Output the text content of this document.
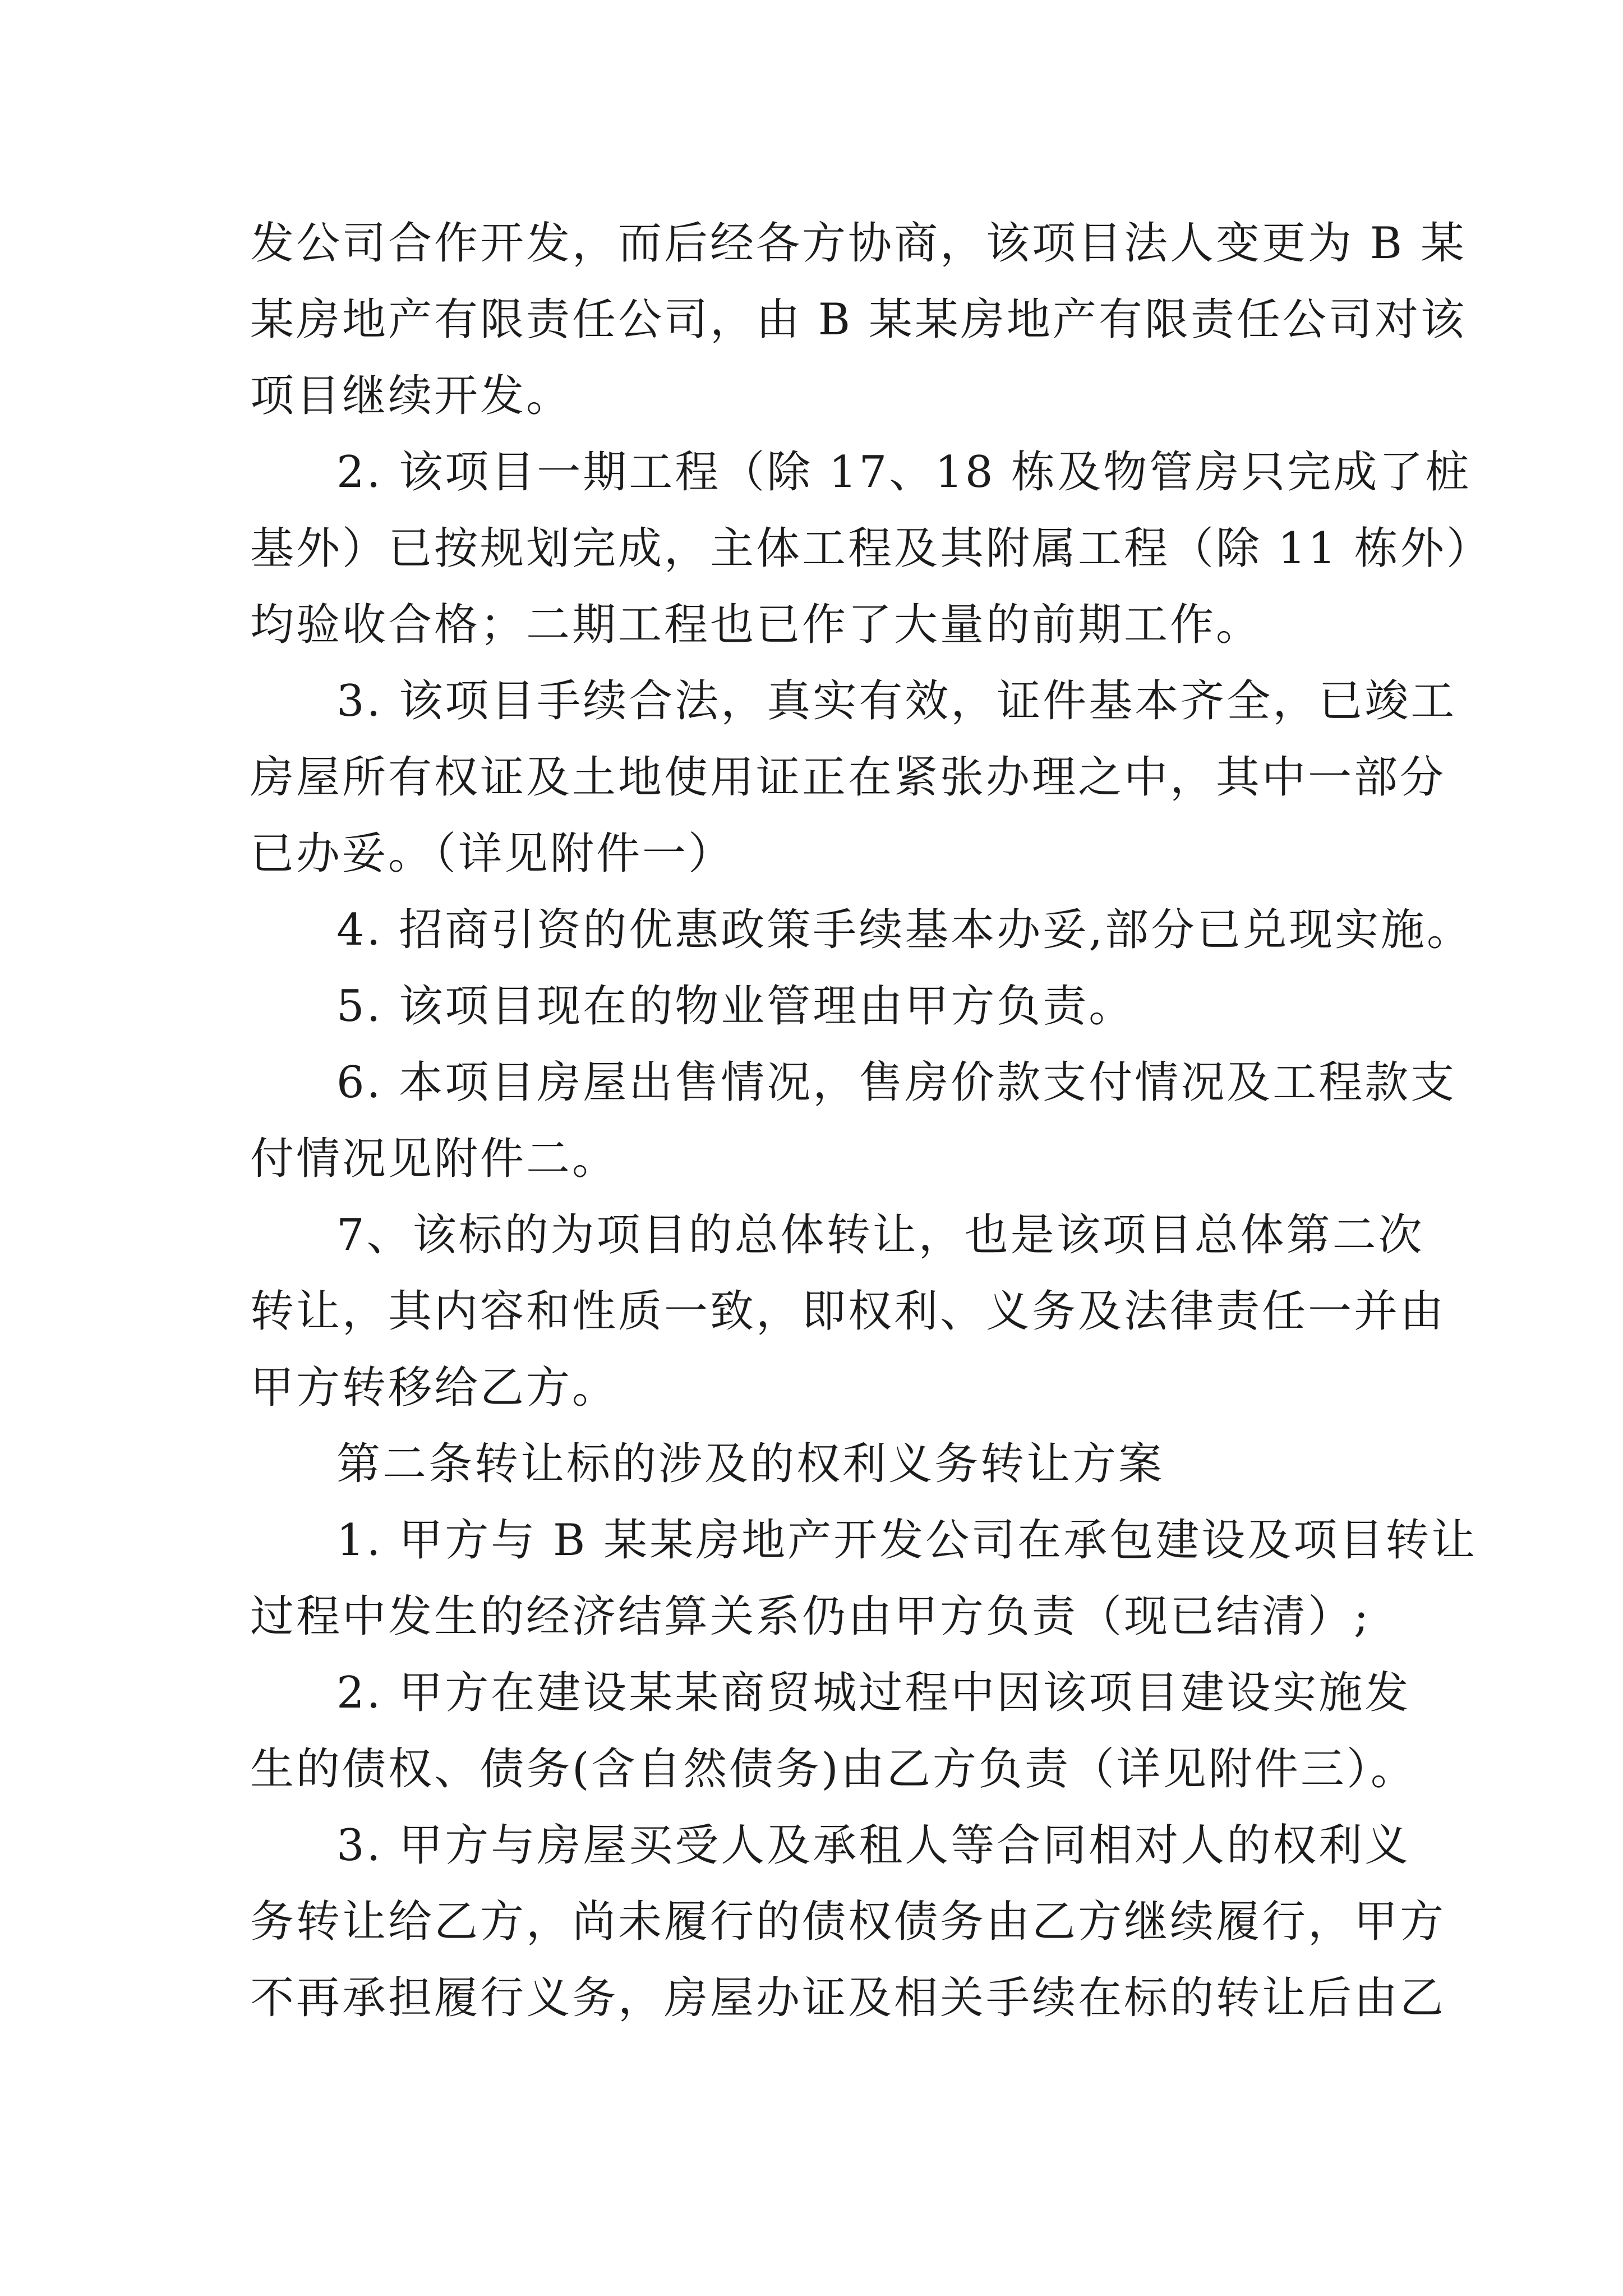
发公司合作开发，而后经各方协商，该项目法人变更为 B 某
某房地产有限责任公司，由 B 某某房地产有限责任公司对该
项目继续开发。
2. 该项目一期工程（除 17、18 栋及物管房只完成了桩
基外）已按规划完成，主体工程及其附属工程（除 11 栋外）
均验收合格；二期工程也已作了大量的前期工作。
3. 该项目手续合法，真实有效，证件基本齐全，已竣工
房屋所有权证及土地使用证正在紧张办理之中，其中一部分
已办妥。（详见附件一）
4. 招商引资的优惠政策手续基本办妥,部分已兑现实施。
5. 该项目现在的物业管理由甲方负责。
6. 本项目房屋出售情况，售房价款支付情况及工程款支
付情况见附件二。
7、该标的为项目的总体转让，也是该项目总体第二次
转让，其内容和性质一致，即权利、义务及法律责任一并由
甲方转移给乙方。
第二条转让标的涉及的权利义务转让方案
1. 甲方与 B 某某房地产开发公司在承包建设及项目转让
过程中发生的经济结算关系仍由甲方负责（现已结清）;
2. 甲方在建设某某商贸城过程中因该项目建设实施发
生的债权、债务(含自然债务)由乙方负责（详见附件三）。
3. 甲方与房屋买受人及承租人等合同相对人的权利义
务转让给乙方，尚未履行的债权债务由乙方继续履行，甲方
不再承担履行义务，房屋办证及相关手续在标的转让后由乙
